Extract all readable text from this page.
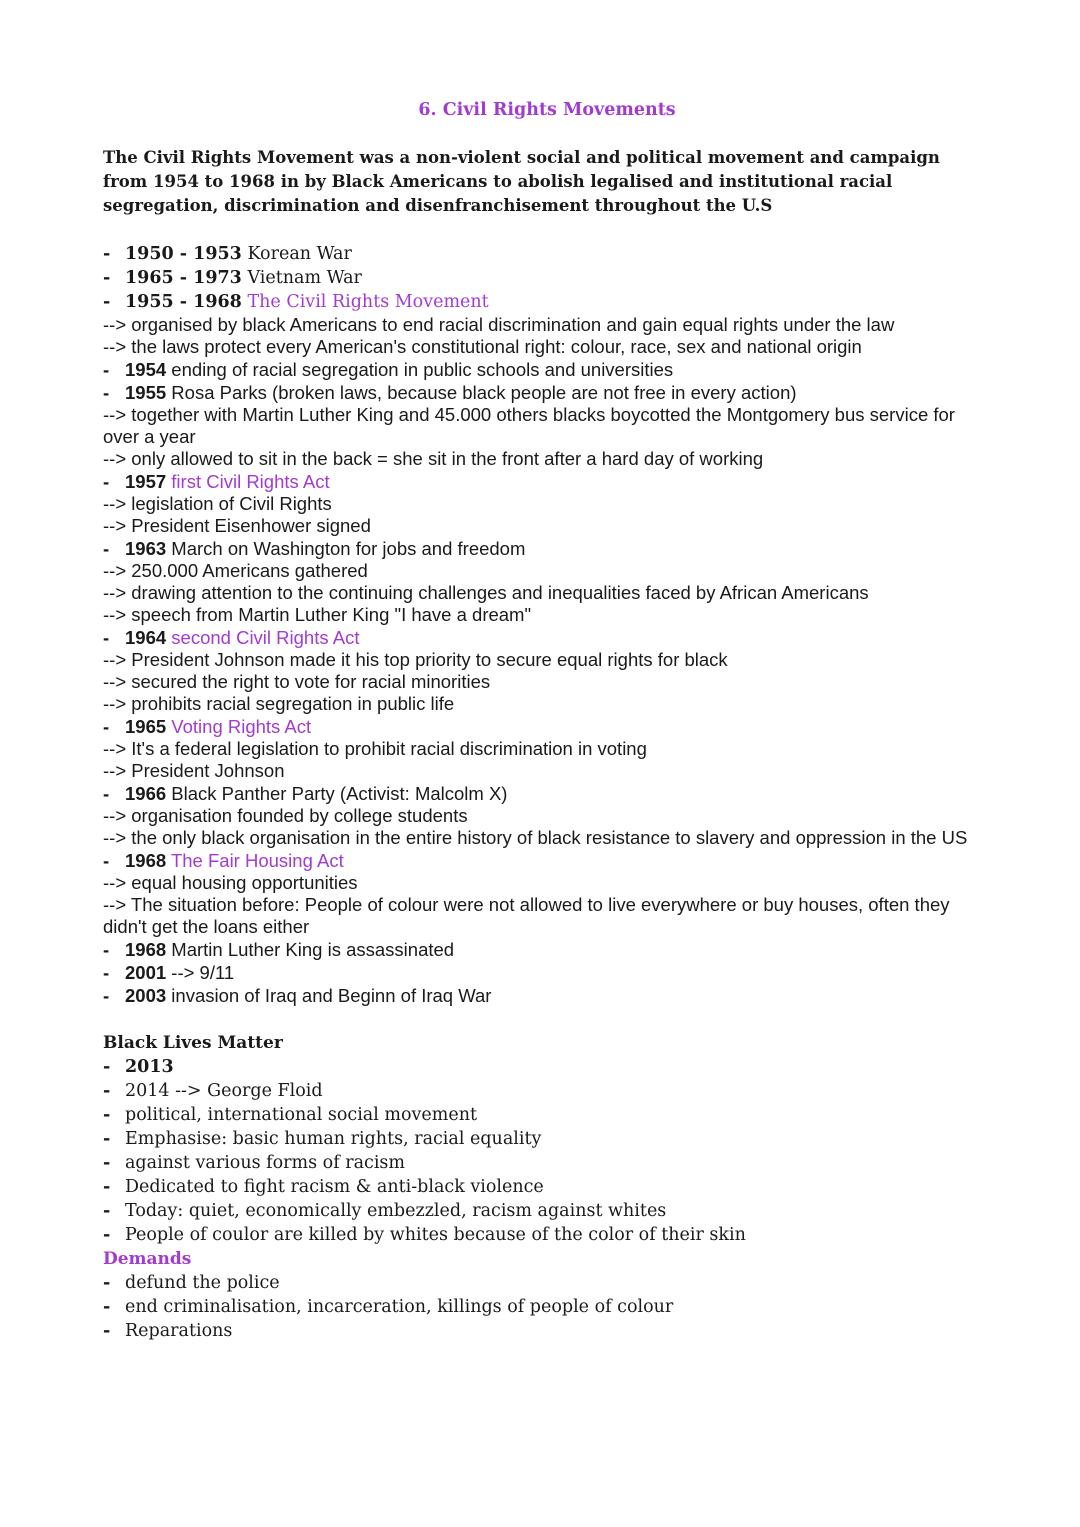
6. Civil Rights Movements
The Civil Rights Movement was a non-violent social and political movement and campaign from 1954 to 1968 in by Black Americans to abolish legalised and institutional racial segregation, discrimination and disenfranchisement throughout the U.S
- 1950 - 1953 Korean War
- 1965 - 1973 Vietnam War
- 1955 - 1968 The Civil Rights Movement
--> organised by black Americans to end racial discrimination and gain equal rights under the law
--> the laws protect every American's constitutional right: colour, race, sex and national origin
- 1954 ending of racial segregation in public schools and universities
- 1955 Rosa Parks (broken laws, because black people are not free in every action)
--> together with Martin Luther King and 45.000 others blacks boycotted the Montgomery bus service for over a year
--> only allowed to sit in the back = she sit in the front after a hard day of working
- 1957 first Civil Rights Act
--> legislation of Civil Rights
--> President Eisenhower signed
- 1963 March on Washington for jobs and freedom
--> 250.000 Americans gathered
--> drawing attention to the continuing challenges and inequalities faced by African Americans
--> speech from Martin Luther King "I have a dream"
- 1964 second Civil Rights Act
--> President Johnson made it his top priority to secure equal rights for black
--> secured the right to vote for racial minorities
--> prohibits racial segregation in public life
- 1965 Voting Rights Act
--> It's a federal legislation to prohibit racial discrimination in voting
--> President Johnson
- 1966 Black Panther Party (Activist: Malcolm X)
--> organisation founded by college students
--> the only black organisation in the entire history of black resistance to slavery and oppression in the US
- 1968 The Fair Housing Act
--> equal housing opportunities
--> The situation before: People of colour were not allowed to live everywhere or buy houses, often they didn't get the loans either
- 1968 Martin Luther King is assassinated
- 2001 --> 9/11
- 2003 invasion of Iraq and Beginn of Iraq War
Black Lives Matter
- 2013
- 2014 --> George Floid
- political, international social movement
- Emphasise: basic human rights, racial equality
- against various forms of racism
- Dedicated to fight racism & anti-black violence
- Today: quiet, economically embezzled, racism against whites
- People of coulor are killed by whites because of the color of their skin
Demands
- defund the police
- end criminalisation, incarceration, killings of people of colour
- Reparations
